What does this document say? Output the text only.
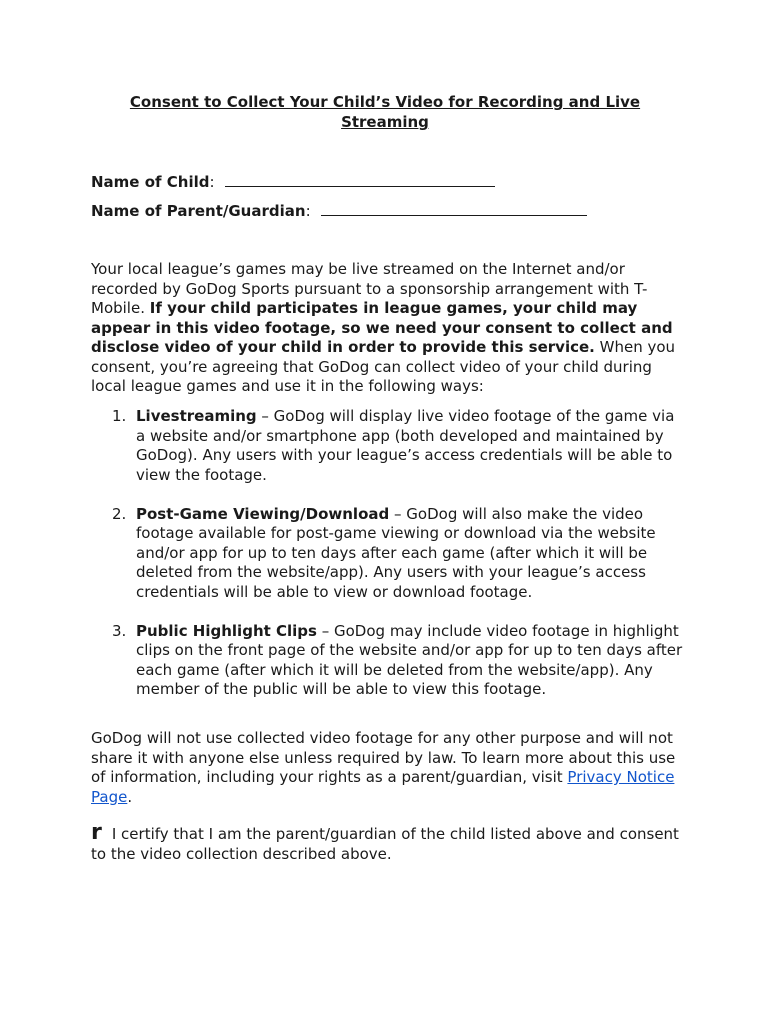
Consent to Collect Your Child’s Video for Recording and Live Streaming
Name of Child:
Name of Parent/Guardian:
Your local league’s games may be live streamed on the Internet and/or recorded by GoDog Sports pursuant to a sponsorship arrangement with T-Mobile. If your child participates in league games, your child may appear in this video footage, so we need your consent to collect and disclose video of your child in order to provide this service. When you consent, you’re agreeing that GoDog can collect video of your child during local league games and use it in the following ways:
1. Livestreaming – GoDog will display live video footage of the game via a website and/or smartphone app (both developed and maintained by GoDog). Any users with your league’s access credentials will be able to view the footage.
2. Post-Game Viewing/Download – GoDog will also make the video footage available for post-game viewing or download via the website and/or app for up to ten days after each game (after which it will be deleted from the website/app). Any users with your league’s access credentials will be able to view or download footage.
3. Public Highlight Clips – GoDog may include video footage in highlight clips on the front page of the website and/or app for up to ten days after each game (after which it will be deleted from the website/app). Any member of the public will be able to view this footage.
GoDog will not use collected video footage for any other purpose and will not share it with anyone else unless required by law. To learn more about this use of information, including your rights as a parent/guardian, visit Privacy Notice Page.
r I certify that I am the parent/guardian of the child listed above and consent to the video collection described above.
